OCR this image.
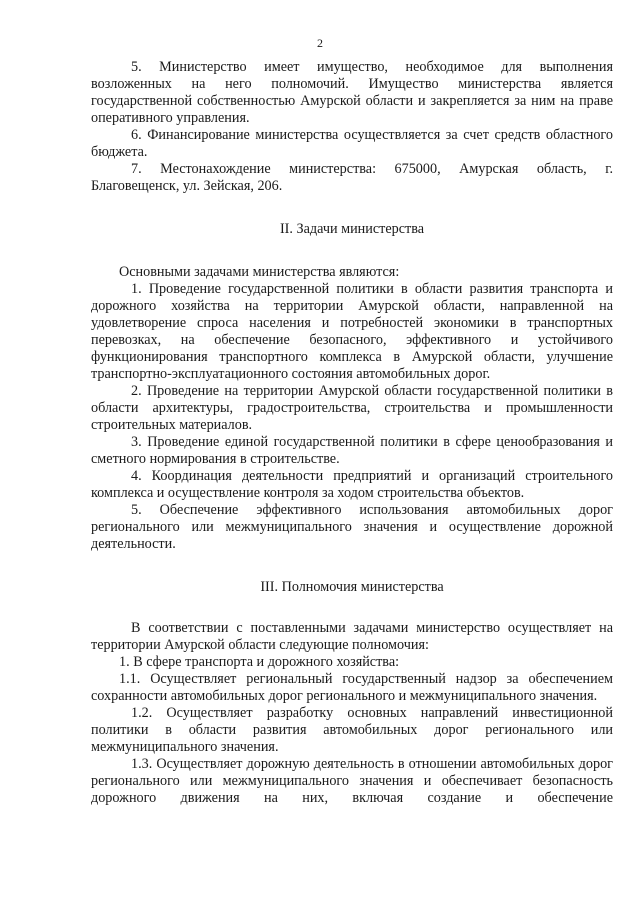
2

5. Министерство имеет имущество, необходимое для выполнения возложенных на него полномочий. Имущество министерства является государственной собственностью Амурской области и закрепляется за ним на праве оперативного управления.

6. Финансирование министерства осуществляется за счет средств областного бюджета.

7. Местонахождение министерства: 675000, Амурская область, г. Благовещенск, ул. Зейская, 206.

II. Задачи министерства

Основными задачами министерства являются:

1. Проведение государственной политики в области развития транспорта и дорожного хозяйства на территории Амурской области, направленной на удовлетворение спроса населения и потребностей экономики в транспортных перевозках, на обеспечение безопасного, эффективного и устойчивого функционирования транспортного комплекса в Амурской области, улучшение транспортно-эксплуатационного состояния автомобильных дорог.

2. Проведение на территории Амурской области государственной политики в области архитектуры, градостроительства, строительства и промышленности строительных материалов.

3. Проведение единой государственной политики в сфере ценообразования и сметного нормирования в строительстве.

4. Координация деятельности предприятий и организаций строительного комплекса и осуществление контроля за ходом строительства объектов.

5. Обеспечение эффективного использования автомобильных дорог регионального или межмуниципального значения и осуществление дорожной деятельности.

III. Полномочия министерства

В соответствии с поставленными задачами министерство осуществляет на территории Амурской области следующие полномочия:

1. В сфере транспорта и дорожного хозяйства:

1.1. Осуществляет региональный государственный надзор за обеспечением сохранности автомобильных дорог регионального и межмуниципального значения.

1.2. Осуществляет разработку основных направлений инвестиционной политики в области развития автомобильных дорог регионального или межмуниципального значения.

1.3. Осуществляет дорожную деятельность в отношении автомобильных дорог регионального или межмуниципального значения и обеспечивает безопасность дорожного движения на них, включая создание и обеспечение
